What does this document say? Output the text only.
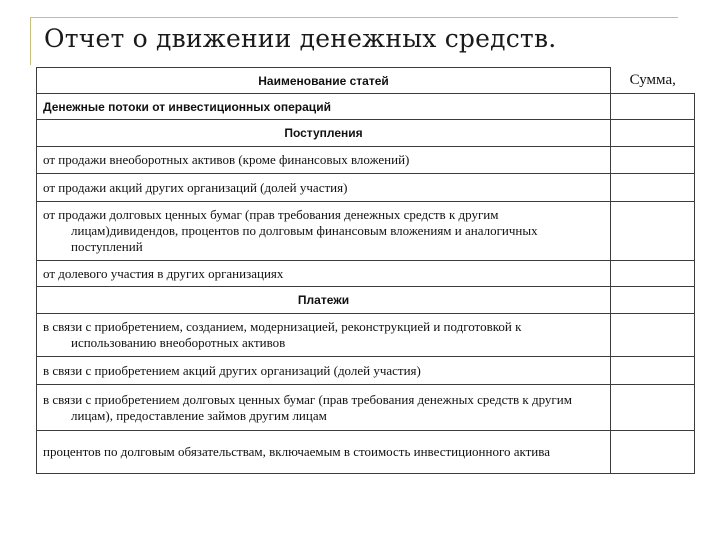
Отчет о движении денежных средств.
Наименование статей	Сумма,

Денежные потоки от инвестиционных операций	

Поступления	

от продажи внеоборотных активов (кроме финансовых вложений)	

от продажи акций других организаций (долей участия)	

от продажи долговых ценных бумаг (прав требования денежных средств к другим лицам)дивидендов, процентов по долговым финансовым вложениям и аналогичных поступлений	

от долевого участия в других организациях	

Платежи	

в связи с приобретением, созданием, модернизацией, реконструкцией и подготовкой к использованию внеоборотных активов	

в связи с приобретением акций других организаций (долей участия)	

в связи с приобретением долговых ценных бумаг (прав требования денежных средств к другим лицам), предоставление займов другим лицам	

процентов по долговым обязательствам, включаемым в стоимость инвестиционного актива	
